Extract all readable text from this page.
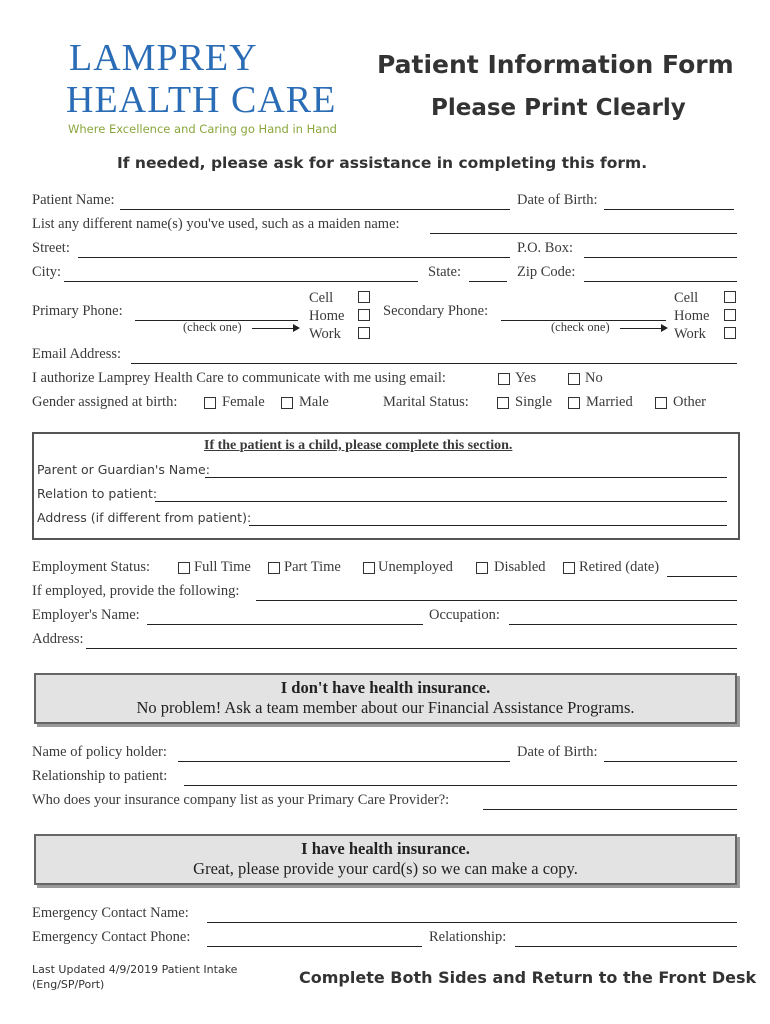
LAMPREY
HEALTH CARE
Where Excellence and Caring go Hand in Hand
Patient Information Form
Please Print Clearly
If needed, please ask for assistance in completing this form.
Patient Name:	Date of Birth:
List any different name(s) you've used, such as a maiden name:
Street:	P.O. Box:
City:	State:	Zip Code:
Primary Phone:
(check one)
Cell
Home
Work
Secondary Phone:
(check one)
Cell
Home
Work
Email Address:
I authorize Lamprey Health Care to communicate with me using email:	Yes	No
Gender assigned at birth:	Female Male	Marital Status:	Single Married	Other
If the patient is a child, please complete this section.
Parent or Guardian's Name:
Relation to patient:
Address (if different from patient):
Employment Status:	Full Time Part Time	Unemployed	Disabled Retired (date)
If employed, provide the following:
Employer's Name:	Occupation:
Address:
I don't have health insurance.
No problem! Ask a team member about our Financial Assistance Programs.
Name of policy holder:	Date of Birth:
Relationship to patient:
Who does your insurance company list as your Primary Care Provider?:
I have health insurance.
Great, please provide your card(s) so we can make a copy.
Emergency Contact Name:
Emergency Contact Phone:	Relationship:
Last Updated 4/9/2019 Patient Intake
(Eng/SP/Port)	Complete Both Sides and Return to the Front Desk
